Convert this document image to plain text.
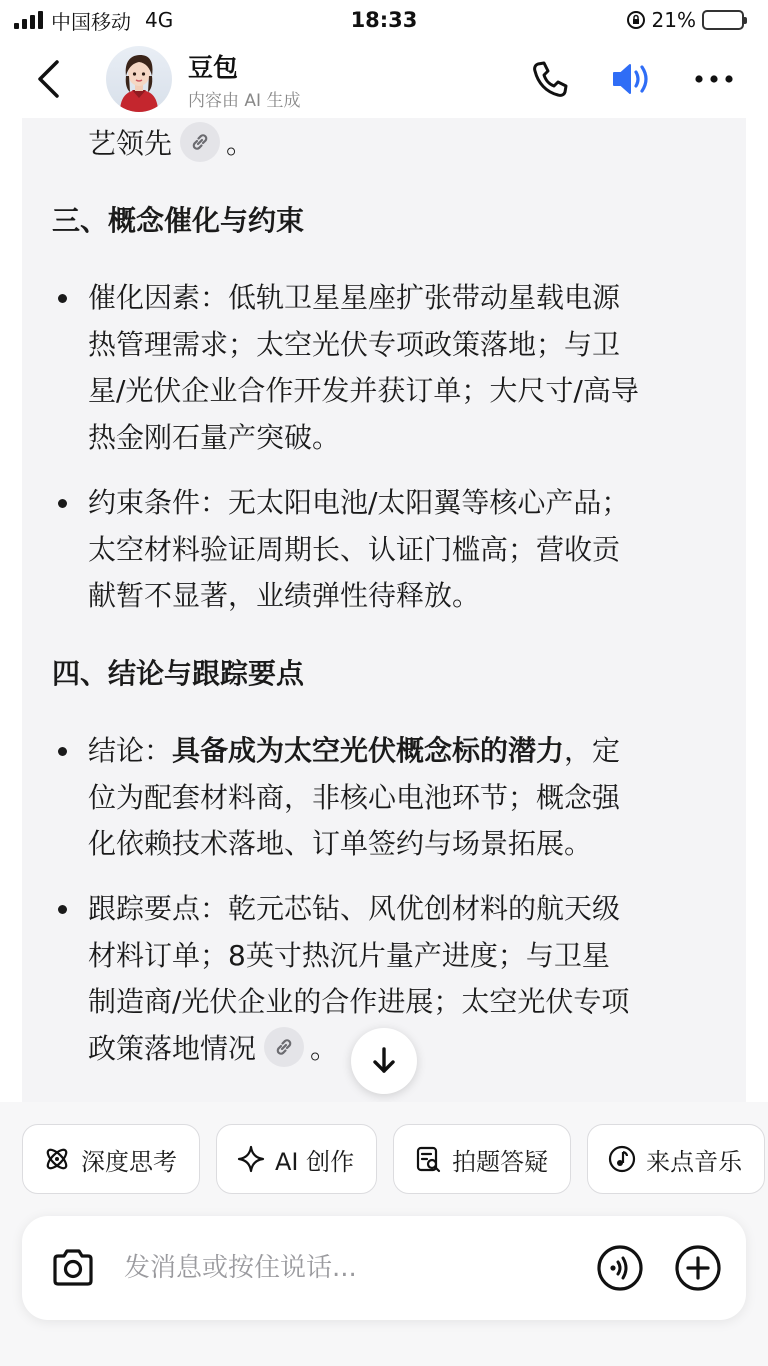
中国移动 4G	18:33	21%
豆包
内容由 AI 生成
艺领先 。
三、概念催化与约束
催化因素：低轨卫星星座扩张带动星载电源
热管理需求；太空光伏专项政策落地；与卫
星/光伏企业合作开发并获订单；大尺寸/高导
热金刚石量产突破。
约束条件：无太阳电池/太阳翼等核心产品；
太空材料验证周期长、认证门槛高；营收贡
献暂不显著，业绩弹性待释放。
四、结论与跟踪要点
结论：具备成为太空光伏概念标的潜力，定
位为配套材料商，非核心电池环节；概念强
化依赖技术落地、订单签约与场景拓展。
跟踪要点：乾元芯钻、风优创材料的航天级
材料订单；8英寸热沉片量产进度；与卫星
制造商/光伏企业的合作进展；太空光伏专项
政策落地情况 。
深度思考	AI 创作	拍题答疑	来点音乐
发消息或按住说话...
